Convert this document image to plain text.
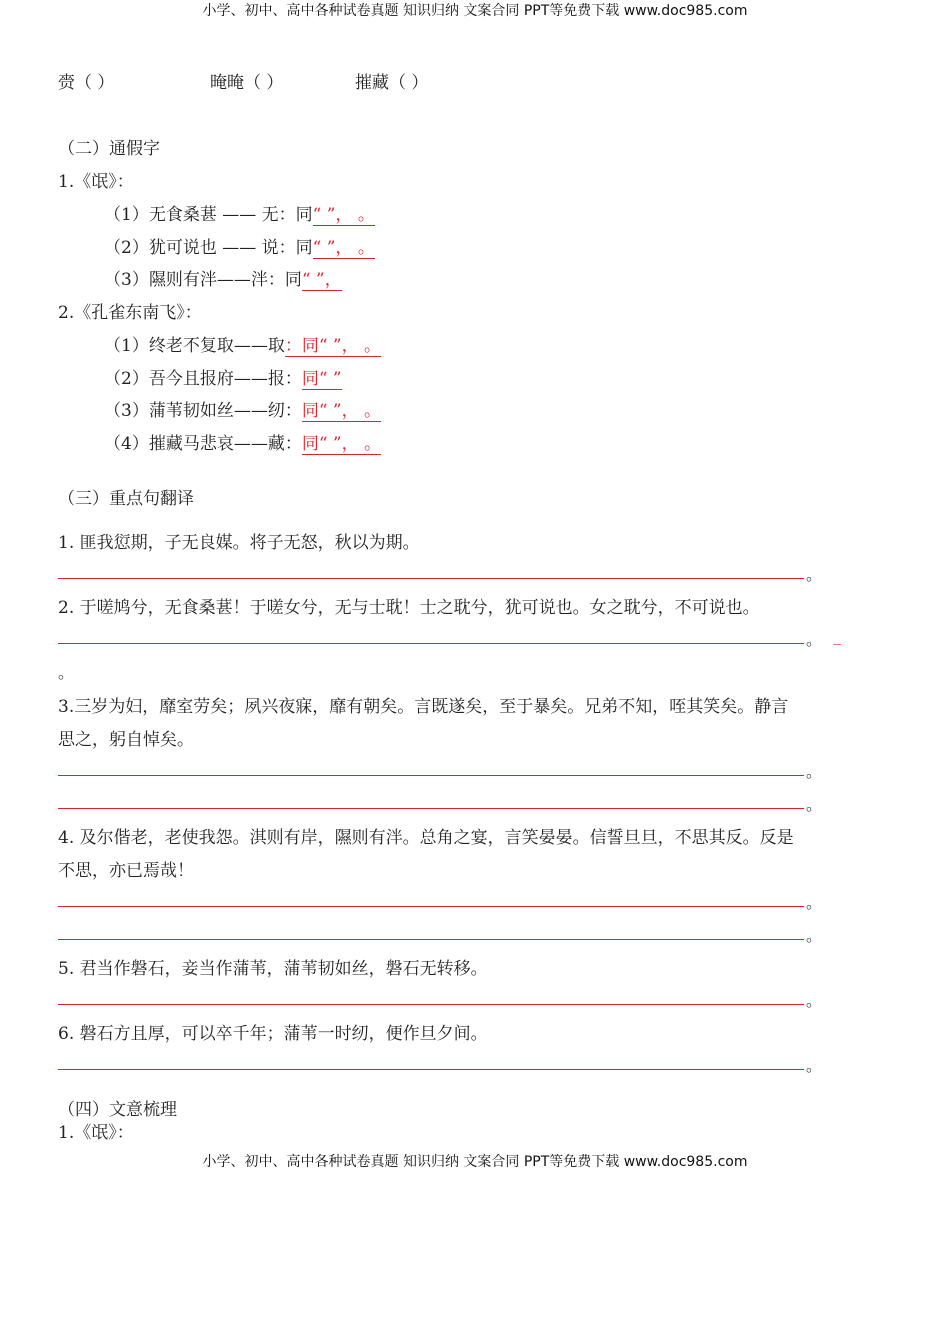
小学、初中、高中各种试卷真题 知识归纳 文案合同 PPT等免费下载 www.doc985.com
赍（ ）	晻晻（ ）	摧藏（ ）
（二）通假字
1.《氓》：
（1）无食桑葚 —— 无：同“ ”， 。
（2）犹可说也 —— 说：同“ ”， 。
（3）隰则有泮——泮：同“ ”，
2.《孔雀东南飞》：
（1）终老不复取——取：同“ ”， 。
（2）吾今且报府——报：同“ ”
（3）蒲苇韧如丝——纫：同“ ”， 。
（4）摧藏马悲哀——藏：同“ ”， 。
（三）重点句翻译
1. 匪我愆期，子无良媒。将子无怒，秋以为期。
。
2. 于嗟鸠兮，无食桑葚！于嗟女兮，无与士耽！士之耽兮，犹可说也。女之耽兮，不可说也。
。 _
。
3.三岁为妇，靡室劳矣；夙兴夜寐，靡有朝矣。言既遂矣，至于暴矣。兄弟不知，咥其笑矣。静言
思之，躬自悼矣。
。
。
4. 及尔偕老，老使我怨。淇则有岸，隰则有泮。总角之宴，言笑晏晏。信誓旦旦，不思其反。反是
不思，亦已焉哉！
。
。
5. 君当作磐石，妾当作蒲苇，蒲苇韧如丝，磐石无转移。
。
6. 磐石方且厚，可以卒千年；蒲苇一时纫，便作旦夕间。
。
（四）文意梳理
1.《氓》：
小学、初中、高中各种试卷真题 知识归纳 文案合同 PPT等免费下载 www.doc985.com
